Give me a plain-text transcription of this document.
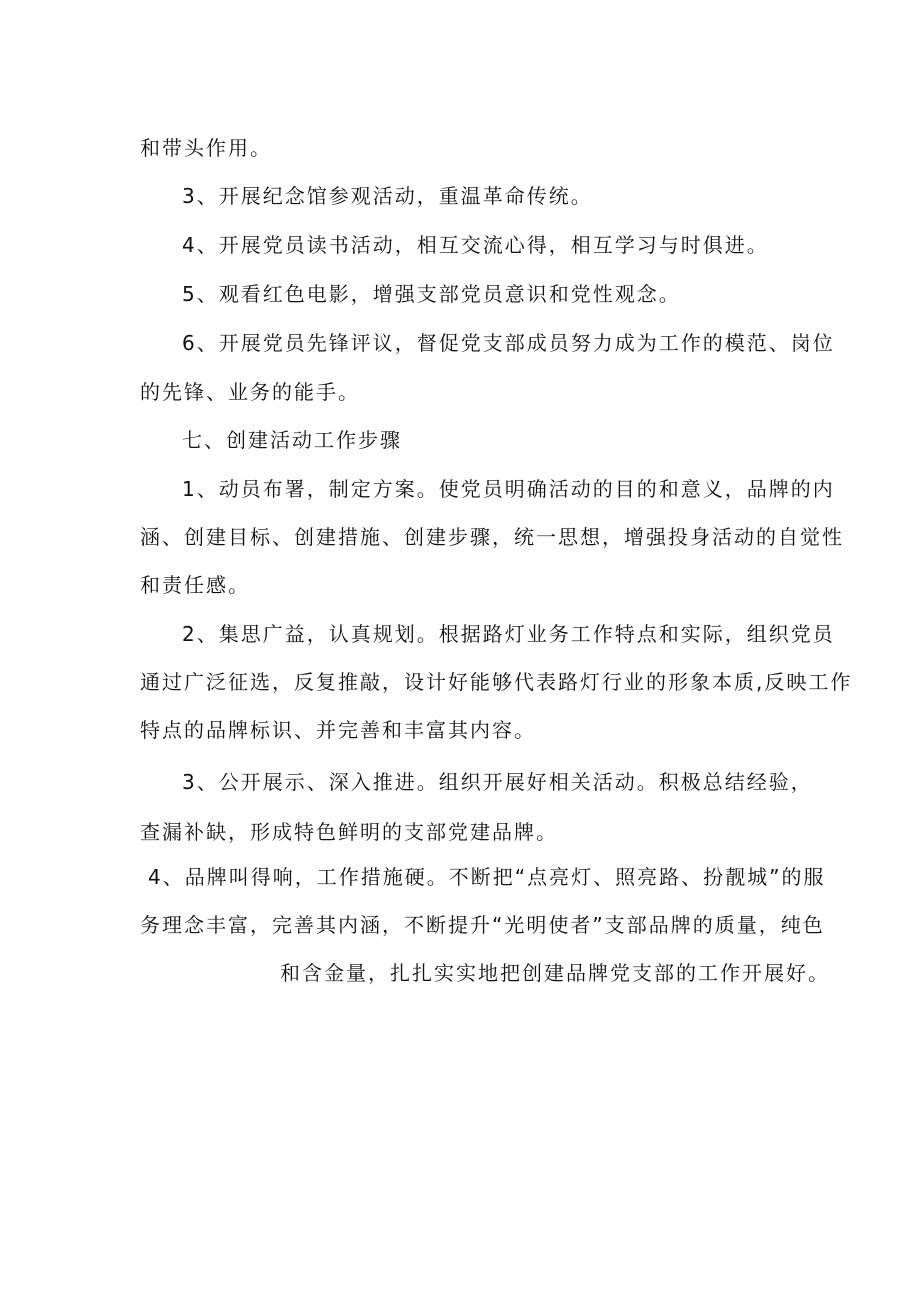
和带头作用。

3、开展纪念馆参观活动，重温革命传统。

4、开展党员读书活动，相互交流心得，相互学习与时俱进。

5、观看红色电影，增强支部党员意识和党性观念。

6、开展党员先锋评议，督促党支部成员努力成为工作的模范、岗位

的先锋、业务的能手。

七、创建活动工作步骤

1、动员布署，制定方案。使党员明确活动的目的和意义，品牌的内

涵、创建目标、创建措施、创建步骤，统一思想，增强投身活动的自觉性

和责任感。

2、集思广益，认真规划。根据路灯业务工作特点和实际，组织党员

通过广泛征选，反复推敲，设计好能够代表路灯行业的形象本质,反映工作

特点的品牌标识、并完善和丰富其内容。

3、公开展示、深入推进。组织开展好相关活动。积极总结经验，

查漏补缺，形成特色鲜明的支部党建品牌。

4、品牌叫得响，工作措施硬。不断把“点亮灯、照亮路、扮靓城”的服

务理念丰富，完善其内涵，不断提升“光明使者”支部品牌的质量，纯色

和含金量，扎扎实实地把创建品牌党支部的工作开展好。
